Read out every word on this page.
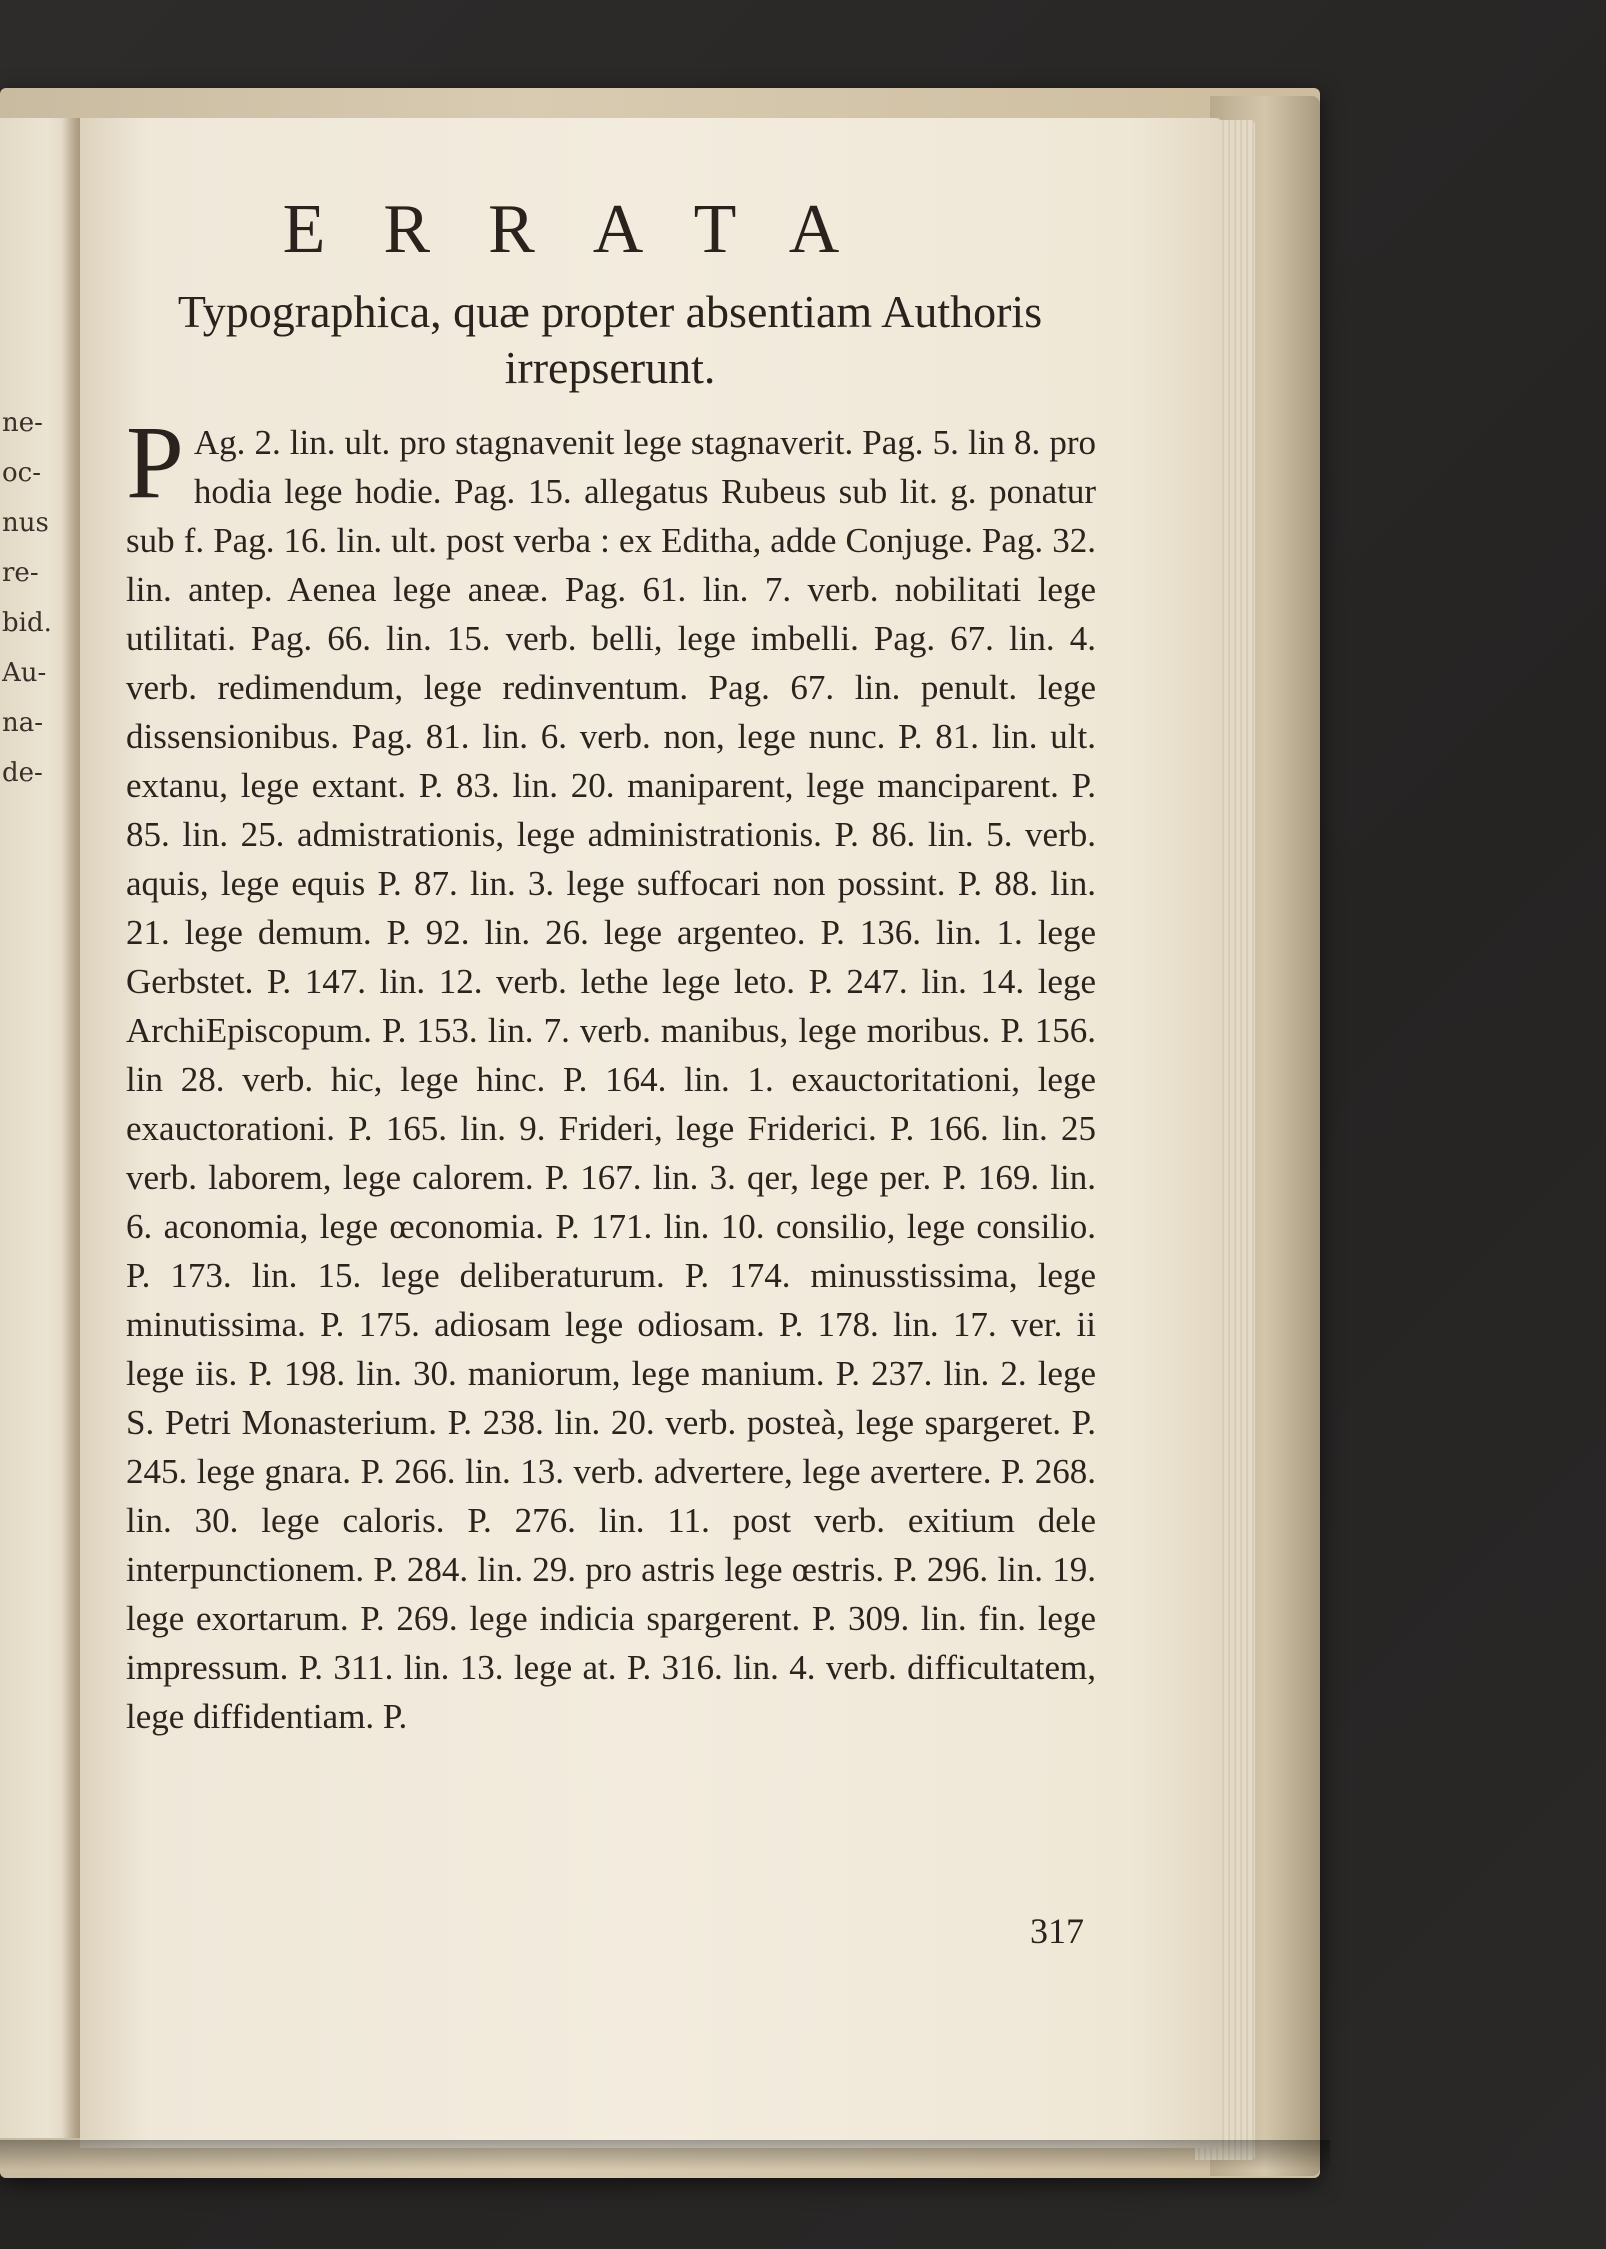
ne-
oc-
nus
re-
bid.
Au-
na-
de-
ERRATA
Typographica, quæ propter absentiam Authoris irrepserunt.
P Ag. 2. lin. ult. pro stagnavenit lege stagnaverit. Pag. 5. lin 8. pro hodia lege hodie. Pag. 15. allegatus Rubeus sub lit. g. ponatur sub f. Pag. 16. lin. ult. post verba : ex Editha, adde Conjuge. Pag. 32. lin. antep. Aenea lege aneæ. Pag. 61. lin. 7. verb. nobilitati lege utilitati. Pag. 66. lin. 15. verb. belli, lege imbelli. Pag. 67. lin. 4. verb. redimendum, lege redinventum. Pag. 67. lin. penult. lege dissensionibus. Pag. 81. lin. 6. verb. non, lege nunc. P. 81. lin. ult. extanu, lege extant. P. 83. lin. 20. maniparent, lege manciparent. P. 85. lin. 25. admistrationis, lege administrationis. P. 86. lin. 5. verb. aquis, lege equis P. 87. lin. 3. lege suffocari non possint. P. 88. lin. 21. lege demum. P. 92. lin. 26. lege argenteo. P. 136. lin. 1. lege Gerbstet. P. 147. lin. 12. verb. lethe lege leto. P. 247. lin. 14. lege ArchiEpiscopum. P. 153. lin. 7. verb. manibus, lege moribus. P. 156. lin 28. verb. hic, lege hinc. P. 164. lin. 1. exauctoritationi, lege exauctorationi. P. 165. lin. 9. Frideri, lege Friderici. P. 166. lin. 25 verb. laborem, lege calorem. P. 167. lin. 3. qer, lege per. P. 169. lin. 6. aconomia, lege œconomia. P. 171. lin. 10. consilio, lege consilio. P. 173. lin. 15. lege deliberaturum. P. 174. minusstissima, lege minutissima. P. 175. adiosam lege odiosam. P. 178. lin. 17. ver. ii lege iis. P. 198. lin. 30. maniorum, lege manium. P. 237. lin. 2. lege S. Petri Monasterium. P. 238. lin. 20. verb. posteà, lege spargeret. P. 245. lege gnara. P. 266. lin. 13. verb. advertere, lege avertere. P. 268. lin. 30. lege caloris. P. 276. lin. 11. post verb. exitium dele interpunctionem. P. 284. lin. 29. pro astris lege œstris. P. 296. lin. 19. lege exortarum. P. 269. lege indicia spargerent. P. 309. lin. fin. lege impressum. P. 311. lin. 13. lege at. P. 316. lin. 4. verb. difficultatem, lege diffidentiam. P.
317
